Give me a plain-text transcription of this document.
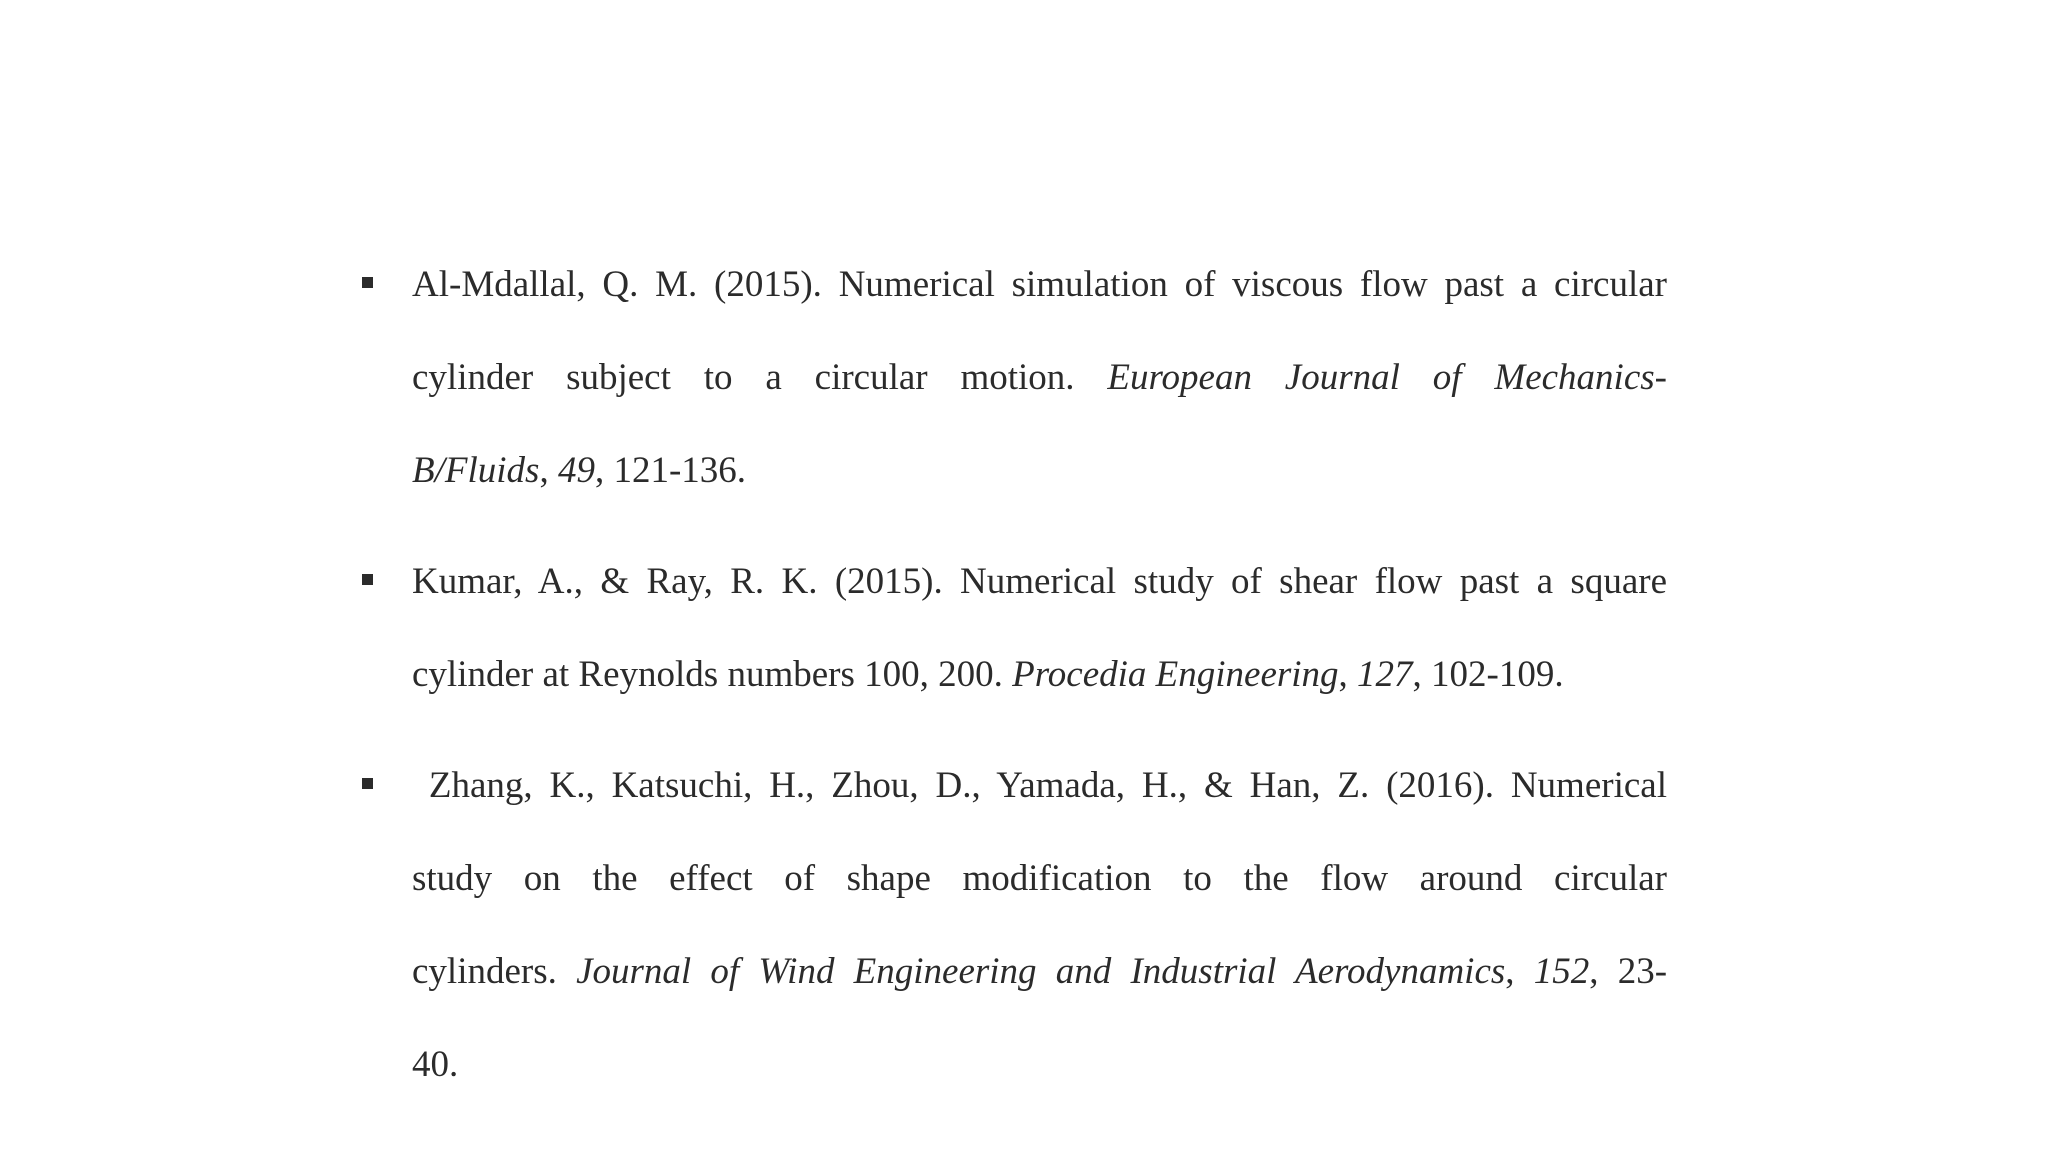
Al-Mdallal, Q. M. (2015). Numerical simulation of viscous flow past a circular
cylinder subject to a circular motion. European Journal of Mechanics-
B/Fluids, 49, 121-136.
Kumar, A., & Ray, R. K. (2015). Numerical study of shear flow past a square
cylinder at Reynolds numbers 100, 200. Procedia Engineering, 127, 102-109.
Zhang, K., Katsuchi, H., Zhou, D., Yamada, H., & Han, Z. (2016). Numerical
study on the effect of shape modification to the flow around circular
cylinders. Journal of Wind Engineering and Industrial Aerodynamics, 152, 23-
40.
